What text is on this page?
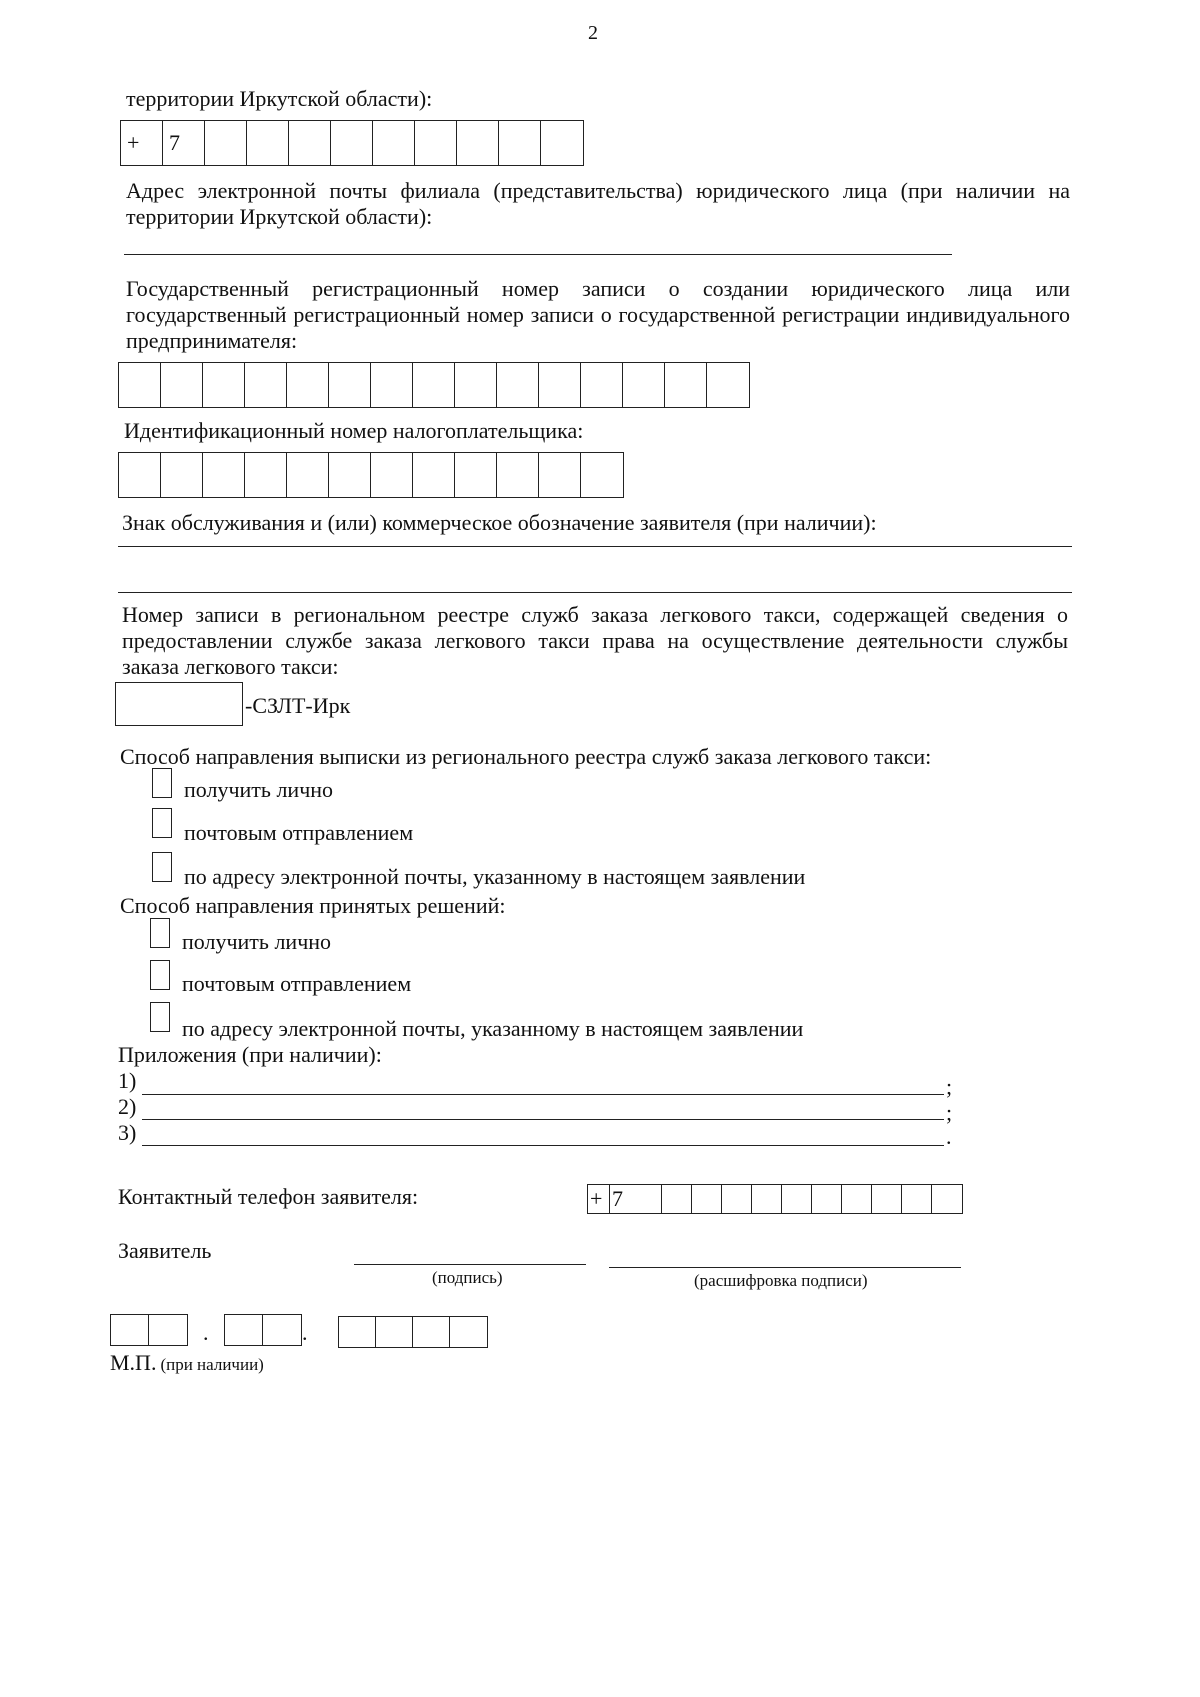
2
территории Иркутской области):
+	7
Адрес электронной почты филиала (представительства) юридического лица (при наличии на
территории Иркутской области):
Государственный регистрационный номер записи о создании юридического лица или
государственный регистрационный номер записи о государственной регистрации индивидуального
предпринимателя:
Идентификационный номер налогоплательщика:
Знак обслуживания и (или) коммерческое обозначение заявителя (при наличии):
Номер записи в региональном реестре служб заказа легкового такси, содержащей сведения о
предоставлении службе заказа легкового такси права на осуществление деятельности службы
заказа легкового такси:
-СЗЛТ-Ирк
Способ направления выписки из регионального реестра служб заказа легкового такси:
получить лично
почтовым отправлением
по адресу электронной почты, указанному в настоящем заявлении
Способ направления принятых решений:
получить лично
почтовым отправлением
по адресу электронной почты, указанному в настоящем заявлении
Приложения (при наличии):
1)	;
2)	;
3)	.
Контактный телефон заявителя:	+ 7
Заявитель
(подпись)	(расшифровка подписи)
.	.
М.П. (при наличии)
